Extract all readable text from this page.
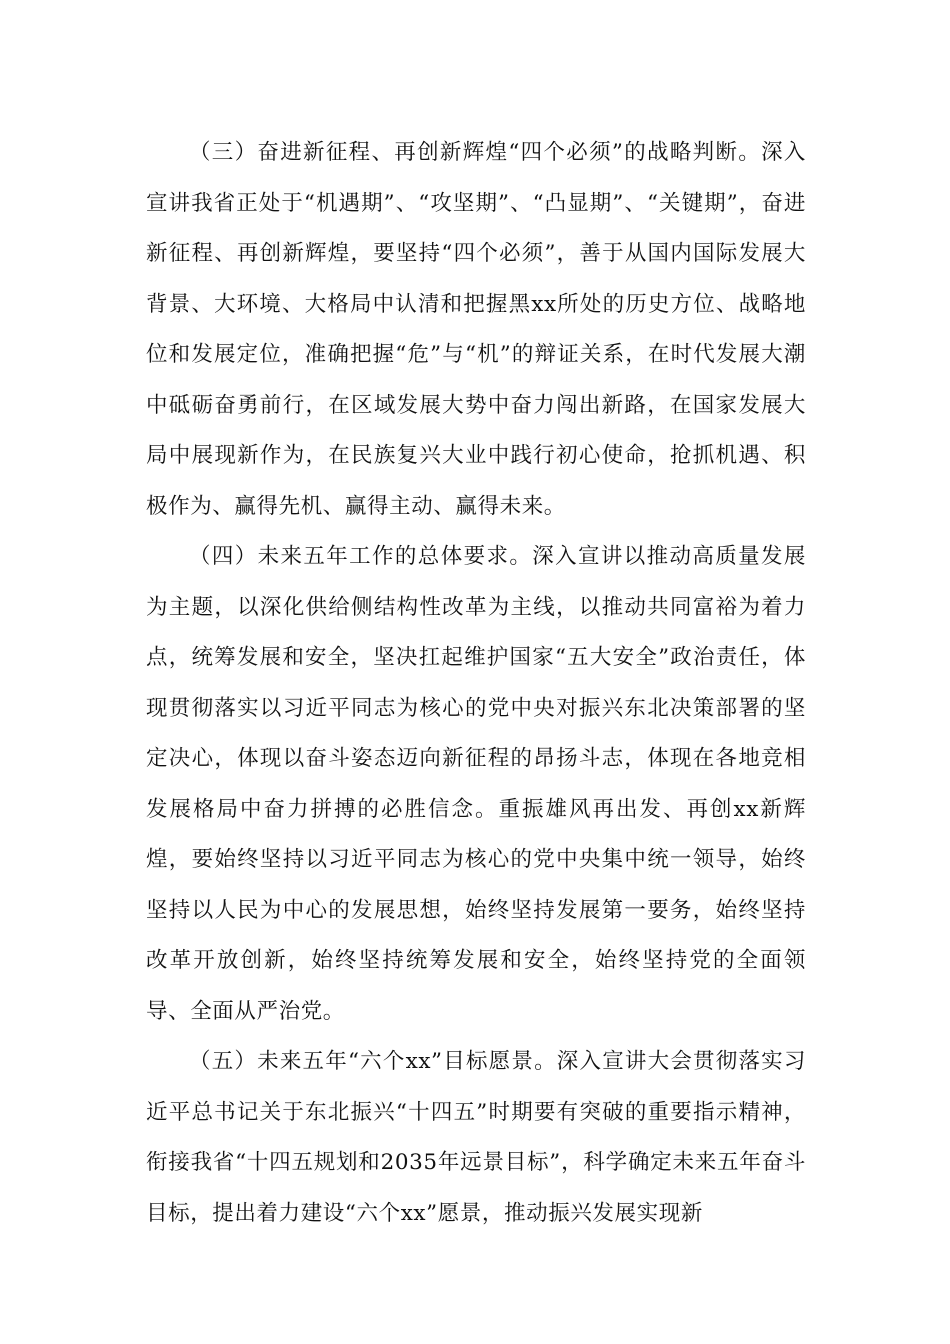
（三）奋进新征程、再创新辉煌“四个必须”的战略判断。深入宣讲我省正处于“机遇期”、“攻坚期”、“凸显期”、“关键期”，奋进新征程、再创新辉煌，要坚持“四个必须”，善于从国内国际发展大背景、大环境、大格局中认清和把握黑xx所处的历史方位、战略地位和发展定位，准确把握“危”与“机”的辩证关系，在时代发展大潮中砥砺奋勇前行，在区域发展大势中奋力闯出新路，在国家发展大局中展现新作为，在民族复兴大业中践行初心使命，抢抓机遇、积极作为、赢得先机、赢得主动、赢得未来。

（四）未来五年工作的总体要求。深入宣讲以推动高质量发展为主题，以深化供给侧结构性改革为主线，以推动共同富裕为着力点，统筹发展和安全，坚决扛起维护国家“五大安全”政治责任，体现贯彻落实以习近平同志为核心的党中央对振兴东北决策部署的坚定决心，体现以奋斗姿态迈向新征程的昂扬斗志，体现在各地竞相发展格局中奋力拼搏的必胜信念。重振雄风再出发、再创xx新辉煌，要始终坚持以习近平同志为核心的党中央集中统一领导，始终坚持以人民为中心的发展思想，始终坚持发展第一要务，始终坚持改革开放创新，始终坚持统筹发展和安全，始终坚持党的全面领导、全面从严治党。

（五）未来五年“六个xx”目标愿景。深入宣讲大会贯彻落实习近平总书记关于东北振兴“十四五”时期要有突破的重要指示精神，衔接我省“十四五规划和2035年远景目标”，科学确定未来五年奋斗目标，提出着力建设“六个xx”愿景，推动振兴发展实现新
